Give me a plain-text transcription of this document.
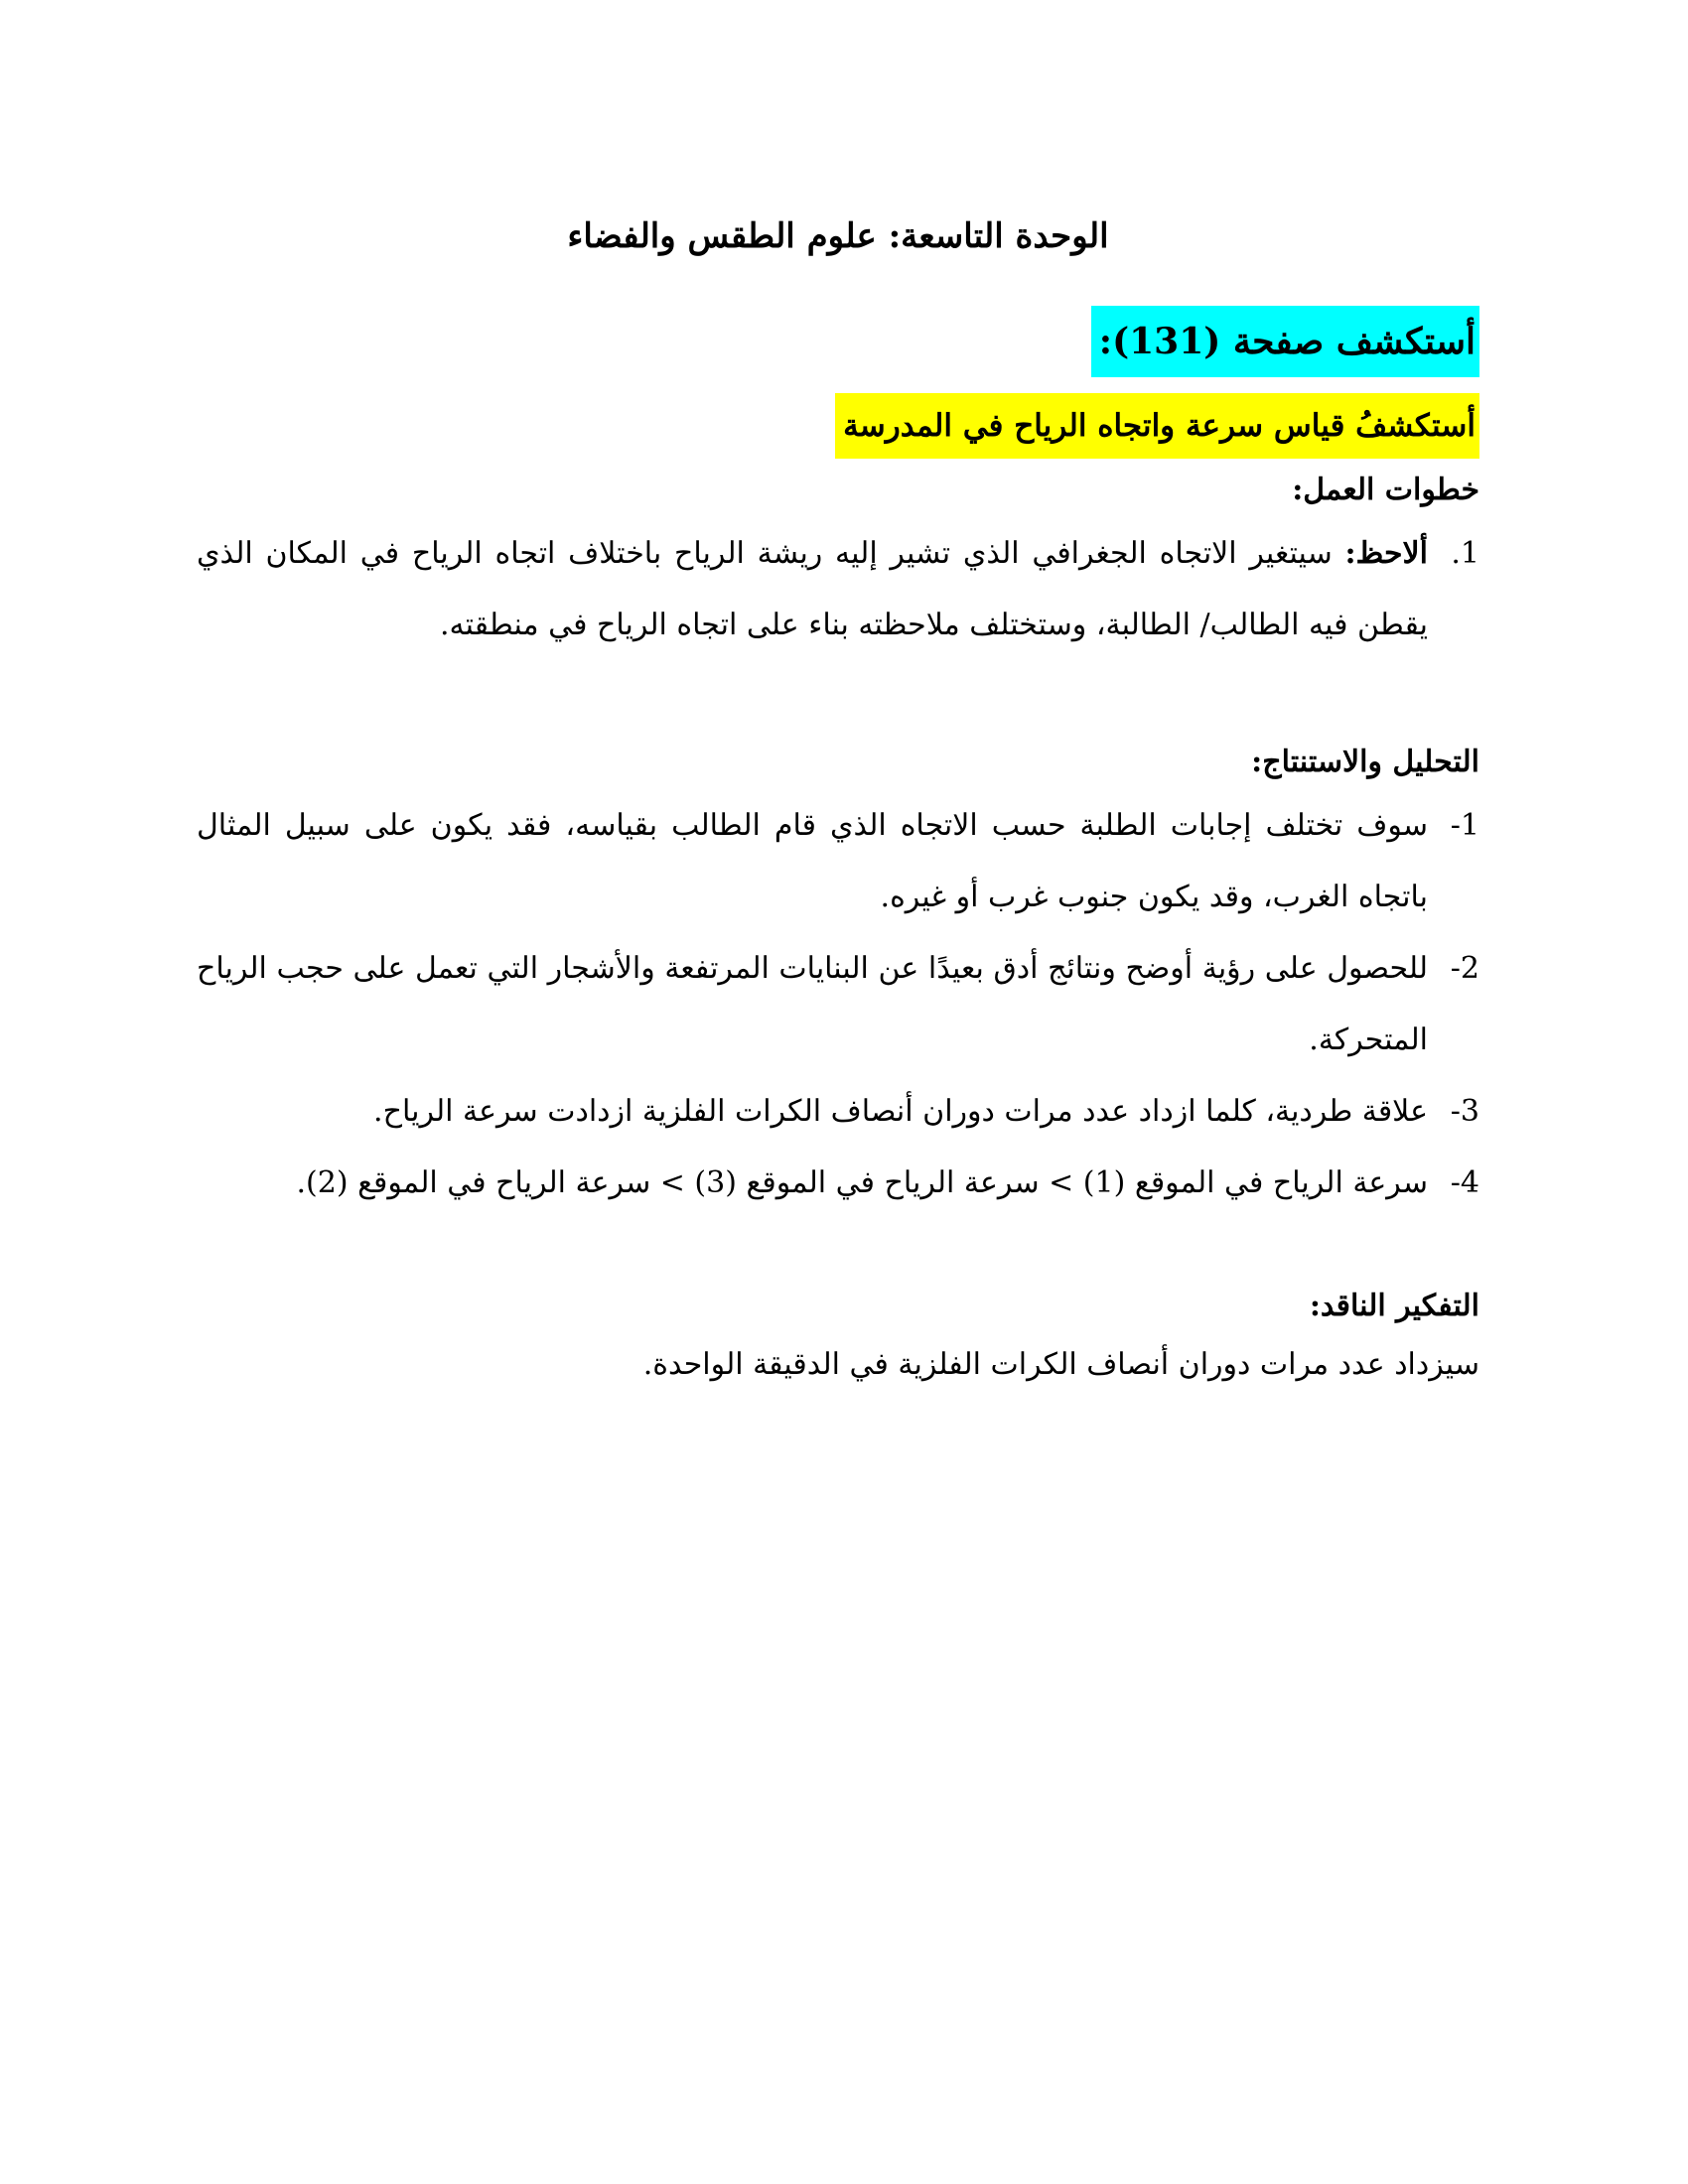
الوحدة التاسعة: علوم الطقس والفضاء
أستكشف صفحة (131):
أستكشفُ قياس سرعة واتجاه الرياح في المدرسة
خطوات العمل:
1.
ألاحظ: سيتغير الاتجاه الجغرافي الذي تشير إليه ريشة الرياح باختلاف اتجاه الرياح في المكان الذي يقطن فيه الطالب/ الطالبة، وستختلف ملاحظته بناء على اتجاه الرياح في منطقته.
التحليل والاستنتاج:
1-
سوف تختلف إجابات الطلبة حسب الاتجاه الذي قام الطالب بقياسه، فقد يكون على سبيل المثال باتجاه الغرب، وقد يكون جنوب غرب أو غيره.
2-
للحصول على رؤية أوضح ونتائج أدق بعيدًا عن البنايات المرتفعة والأشجار التي تعمل على حجب الرياح المتحركة.
3-
علاقة طردية، كلما ازداد عدد مرات دوران أنصاف الكرات الفلزية ازدادت سرعة الرياح.
4-
سرعة الرياح في الموقع (1) > سرعة الرياح في الموقع (3) > سرعة الرياح في الموقع (2).
التفكير الناقد:
سيزداد عدد مرات دوران أنصاف الكرات الفلزية في الدقيقة الواحدة.
